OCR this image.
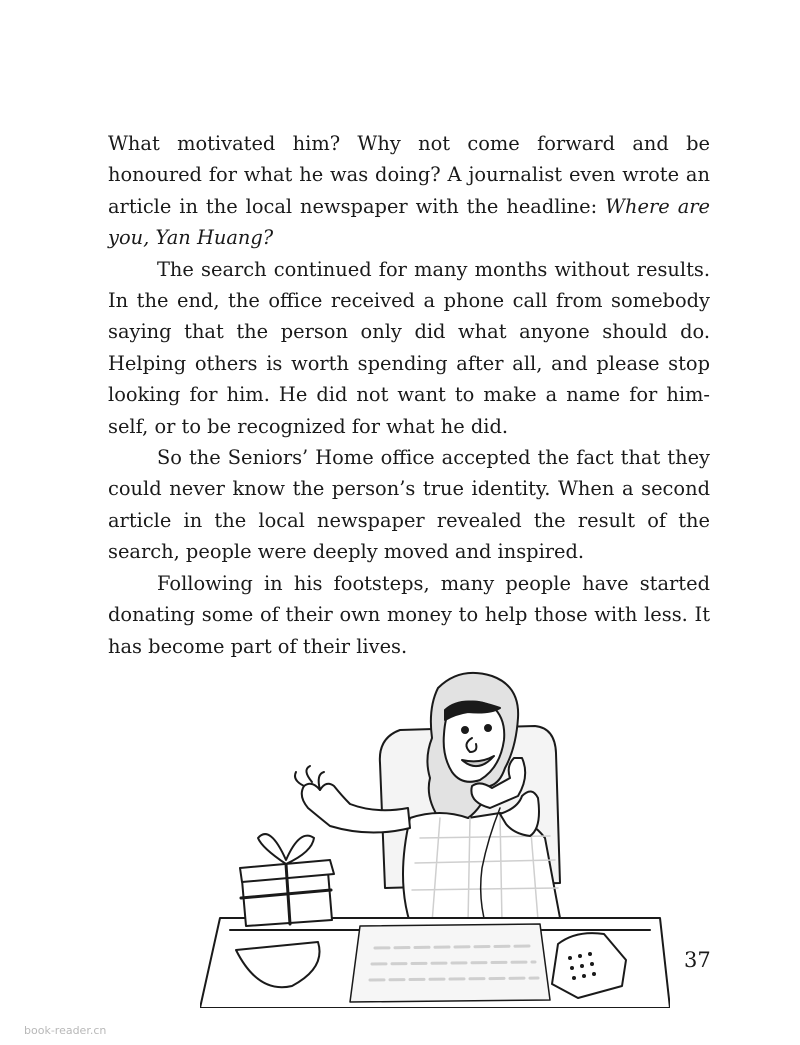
What motivated him? Why not come forward and be honoured for what he was doing? A journalist even wrote an article in the local newspaper with the headline: Where are you, Yan Huang?

The search continued for many months without results. In the end, the office received a phone call from somebody saying that the person only did what anyone should do. Helping others is worth spending after all, and please stop looking for him. He did not want to make a name for him-self, or to be recognized for what he did.

So the Seniors’ Home office accepted the fact that they could never know the person’s true identity. When a second article in the local newspaper revealed the result of the search, people were deeply moved and inspired.

Following in his footsteps, many people have started donating some of their own money to help those with less. It has become part of their lives.

37
book-reader.cn
